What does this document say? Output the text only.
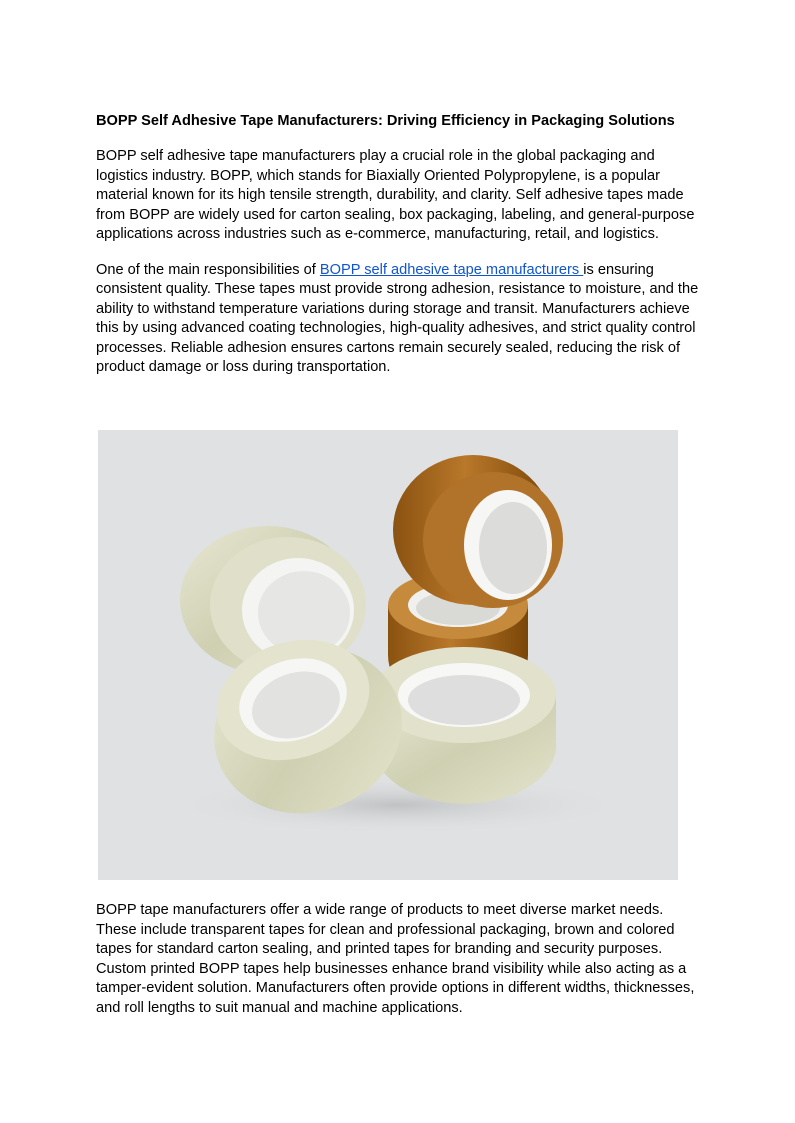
BOPP Self Adhesive Tape Manufacturers: Driving Efficiency in Packaging Solutions

BOPP self adhesive tape manufacturers play a crucial role in the global packaging and logistics industry. BOPP, which stands for Biaxially Oriented Polypropylene, is a popular material known for its high tensile strength, durability, and clarity. Self adhesive tapes made from BOPP are widely used for carton sealing, box packaging, labeling, and general-purpose applications across industries such as e-commerce, manufacturing, retail, and logistics.

One of the main responsibilities of BOPP self adhesive tape manufacturers is ensuring consistent quality. These tapes must provide strong adhesion, resistance to moisture, and the ability to withstand temperature variations during storage and transit. Manufacturers achieve this by using advanced coating technologies, high-quality adhesives, and strict quality control processes. Reliable adhesion ensures cartons remain securely sealed, reducing the risk of product damage or loss during transportation.

BOPP tape manufacturers offer a wide range of products to meet diverse market needs. These include transparent tapes for clean and professional packaging, brown and colored tapes for standard carton sealing, and printed tapes for branding and security purposes. Custom printed BOPP tapes help businesses enhance brand visibility while also acting as a tamper-evident solution. Manufacturers often provide options in different widths, thicknesses, and roll lengths to suit manual and machine applications.
